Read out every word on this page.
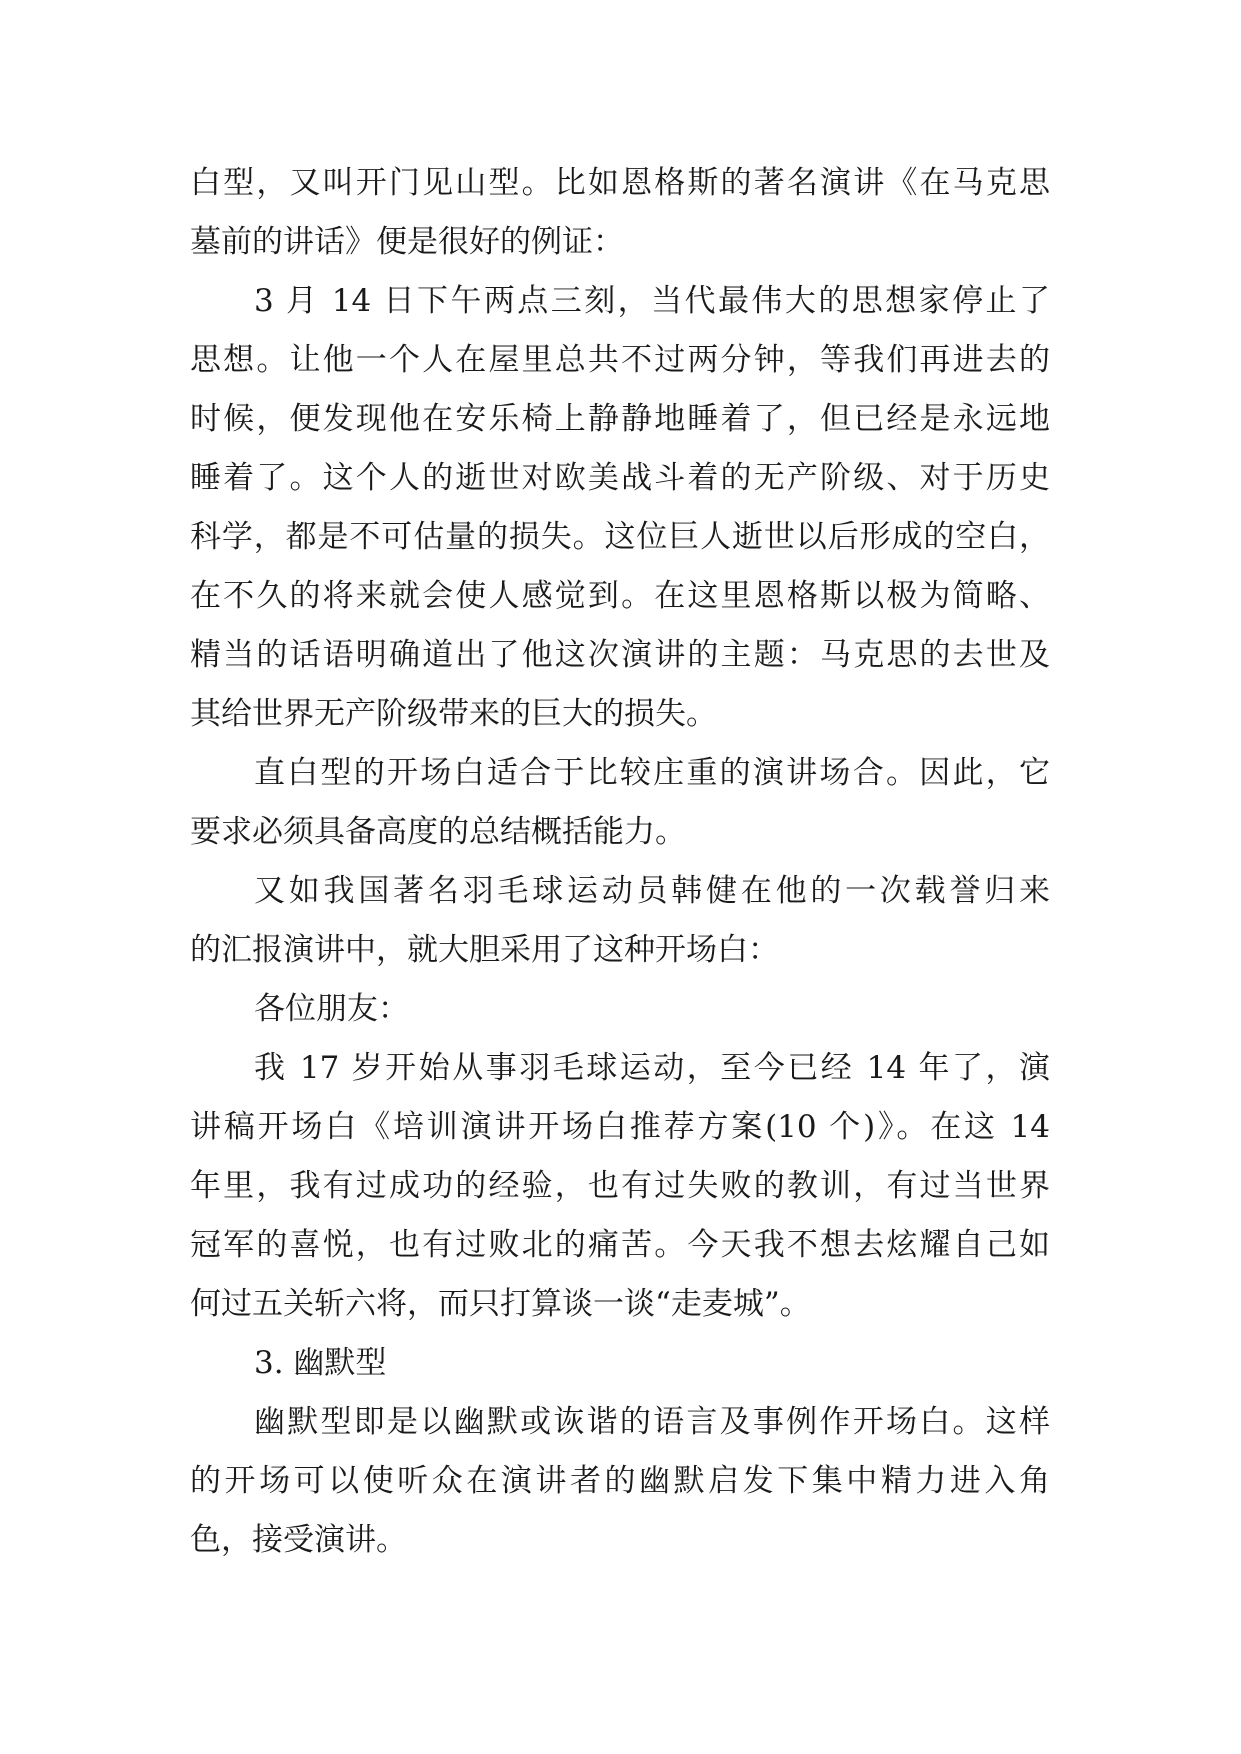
白型，又叫开门见山型。比如恩格斯的著名演讲《在马克思
墓前的讲话》便是很好的例证：
3 月 14 日下午两点三刻，当代最伟大的思想家停止了
思想。让他一个人在屋里总共不过两分钟，等我们再进去的
时候，便发现他在安乐椅上静静地睡着了，但已经是永远地
睡着了。这个人的逝世对欧美战斗着的无产阶级、对于历史
科学，都是不可估量的损失。这位巨人逝世以后形成的空白，
在不久的将来就会使人感觉到。在这里恩格斯以极为简略、
精当的话语明确道出了他这次演讲的主题：马克思的去世及
其给世界无产阶级带来的巨大的损失。
直白型的开场白适合于比较庄重的演讲场合。因此，它
要求必须具备高度的总结概括能力。
又如我国著名羽毛球运动员韩健在他的一次载誉归来
的汇报演讲中，就大胆采用了这种开场白：
各位朋友：
我 17 岁开始从事羽毛球运动，至今已经 14 年了，演
讲稿开场白《培训演讲开场白推荐方案(10 个)》。在这 14
年里，我有过成功的经验，也有过失败的教训，有过当世界
冠军的喜悦，也有过败北的痛苦。今天我不想去炫耀自己如
何过五关斩六将，而只打算谈一谈“走麦城”。
3. 幽默型
幽默型即是以幽默或诙谐的语言及事例作开场白。这样
的开场可以使听众在演讲者的幽默启发下集中精力进入角
色，接受演讲。
